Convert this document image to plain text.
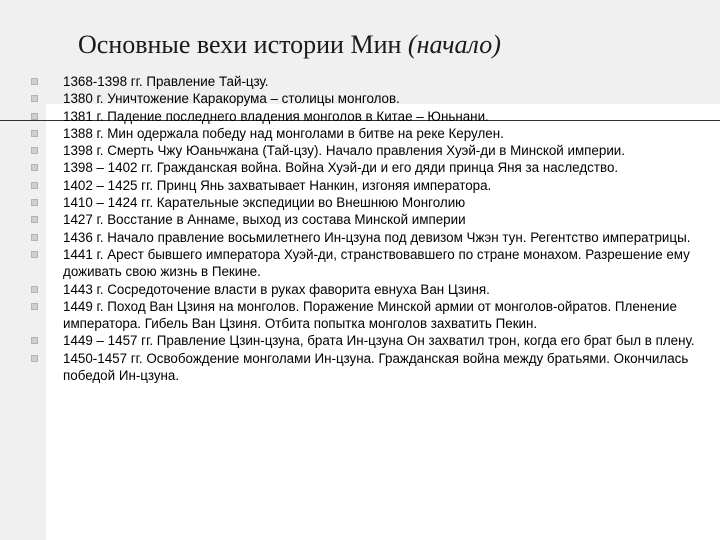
Основные вехи истории Мин (начало)
1368-1398 гг. Правление Тай-цзу.
1380 г. Уничтожение Каракорума – столицы монголов.
1381 г. Падение последнего владения монголов в Китае – Юньнани.
1388 г. Мин одержала победу над монголами в битве на реке Керулен.
1398 г. Смерть Чжу Юаньчжана (Тай-цзу). Начало правления Хуэй-ди в Минской империи.
1398 – 1402 гг. Гражданская война. Война Хуэй-ди и его дяди принца Яня за наследство.
1402 – 1425 гг. Принц Янь захватывает Нанкин, изгоняя императора.
1410 – 1424 гг. Карательные экспедиции во Внешнюю Монголию
1427 г. Восстание в Аннаме, выход из состава Минской империи
1436 г. Начало правление восьмилетнего Ин-цзуна под девизом Чжэн тун. Регентство императрицы.
1441 г. Арест бывшего императора Хуэй-ди, странствовавшего по стране монахом. Разрешение ему доживать свою жизнь в Пекине.
1443 г. Сосредоточение власти в руках фаворита евнуха Ван Цзиня.
1449 г. Поход Ван Цзиня на монголов. Поражение Минской армии от монголов-ойратов. Пленение императора. Гибель Ван Цзиня. Отбита попытка монголов захватить Пекин.
1449 – 1457 гг. Правление Цзин-цзуна, брата Ин-цзуна Он захватил трон, когда его брат был в плену.
1450-1457 гг. Освобождение монголами Ин-цзуна. Гражданская война между братьями. Окончилась победой Ин-цзуна.
